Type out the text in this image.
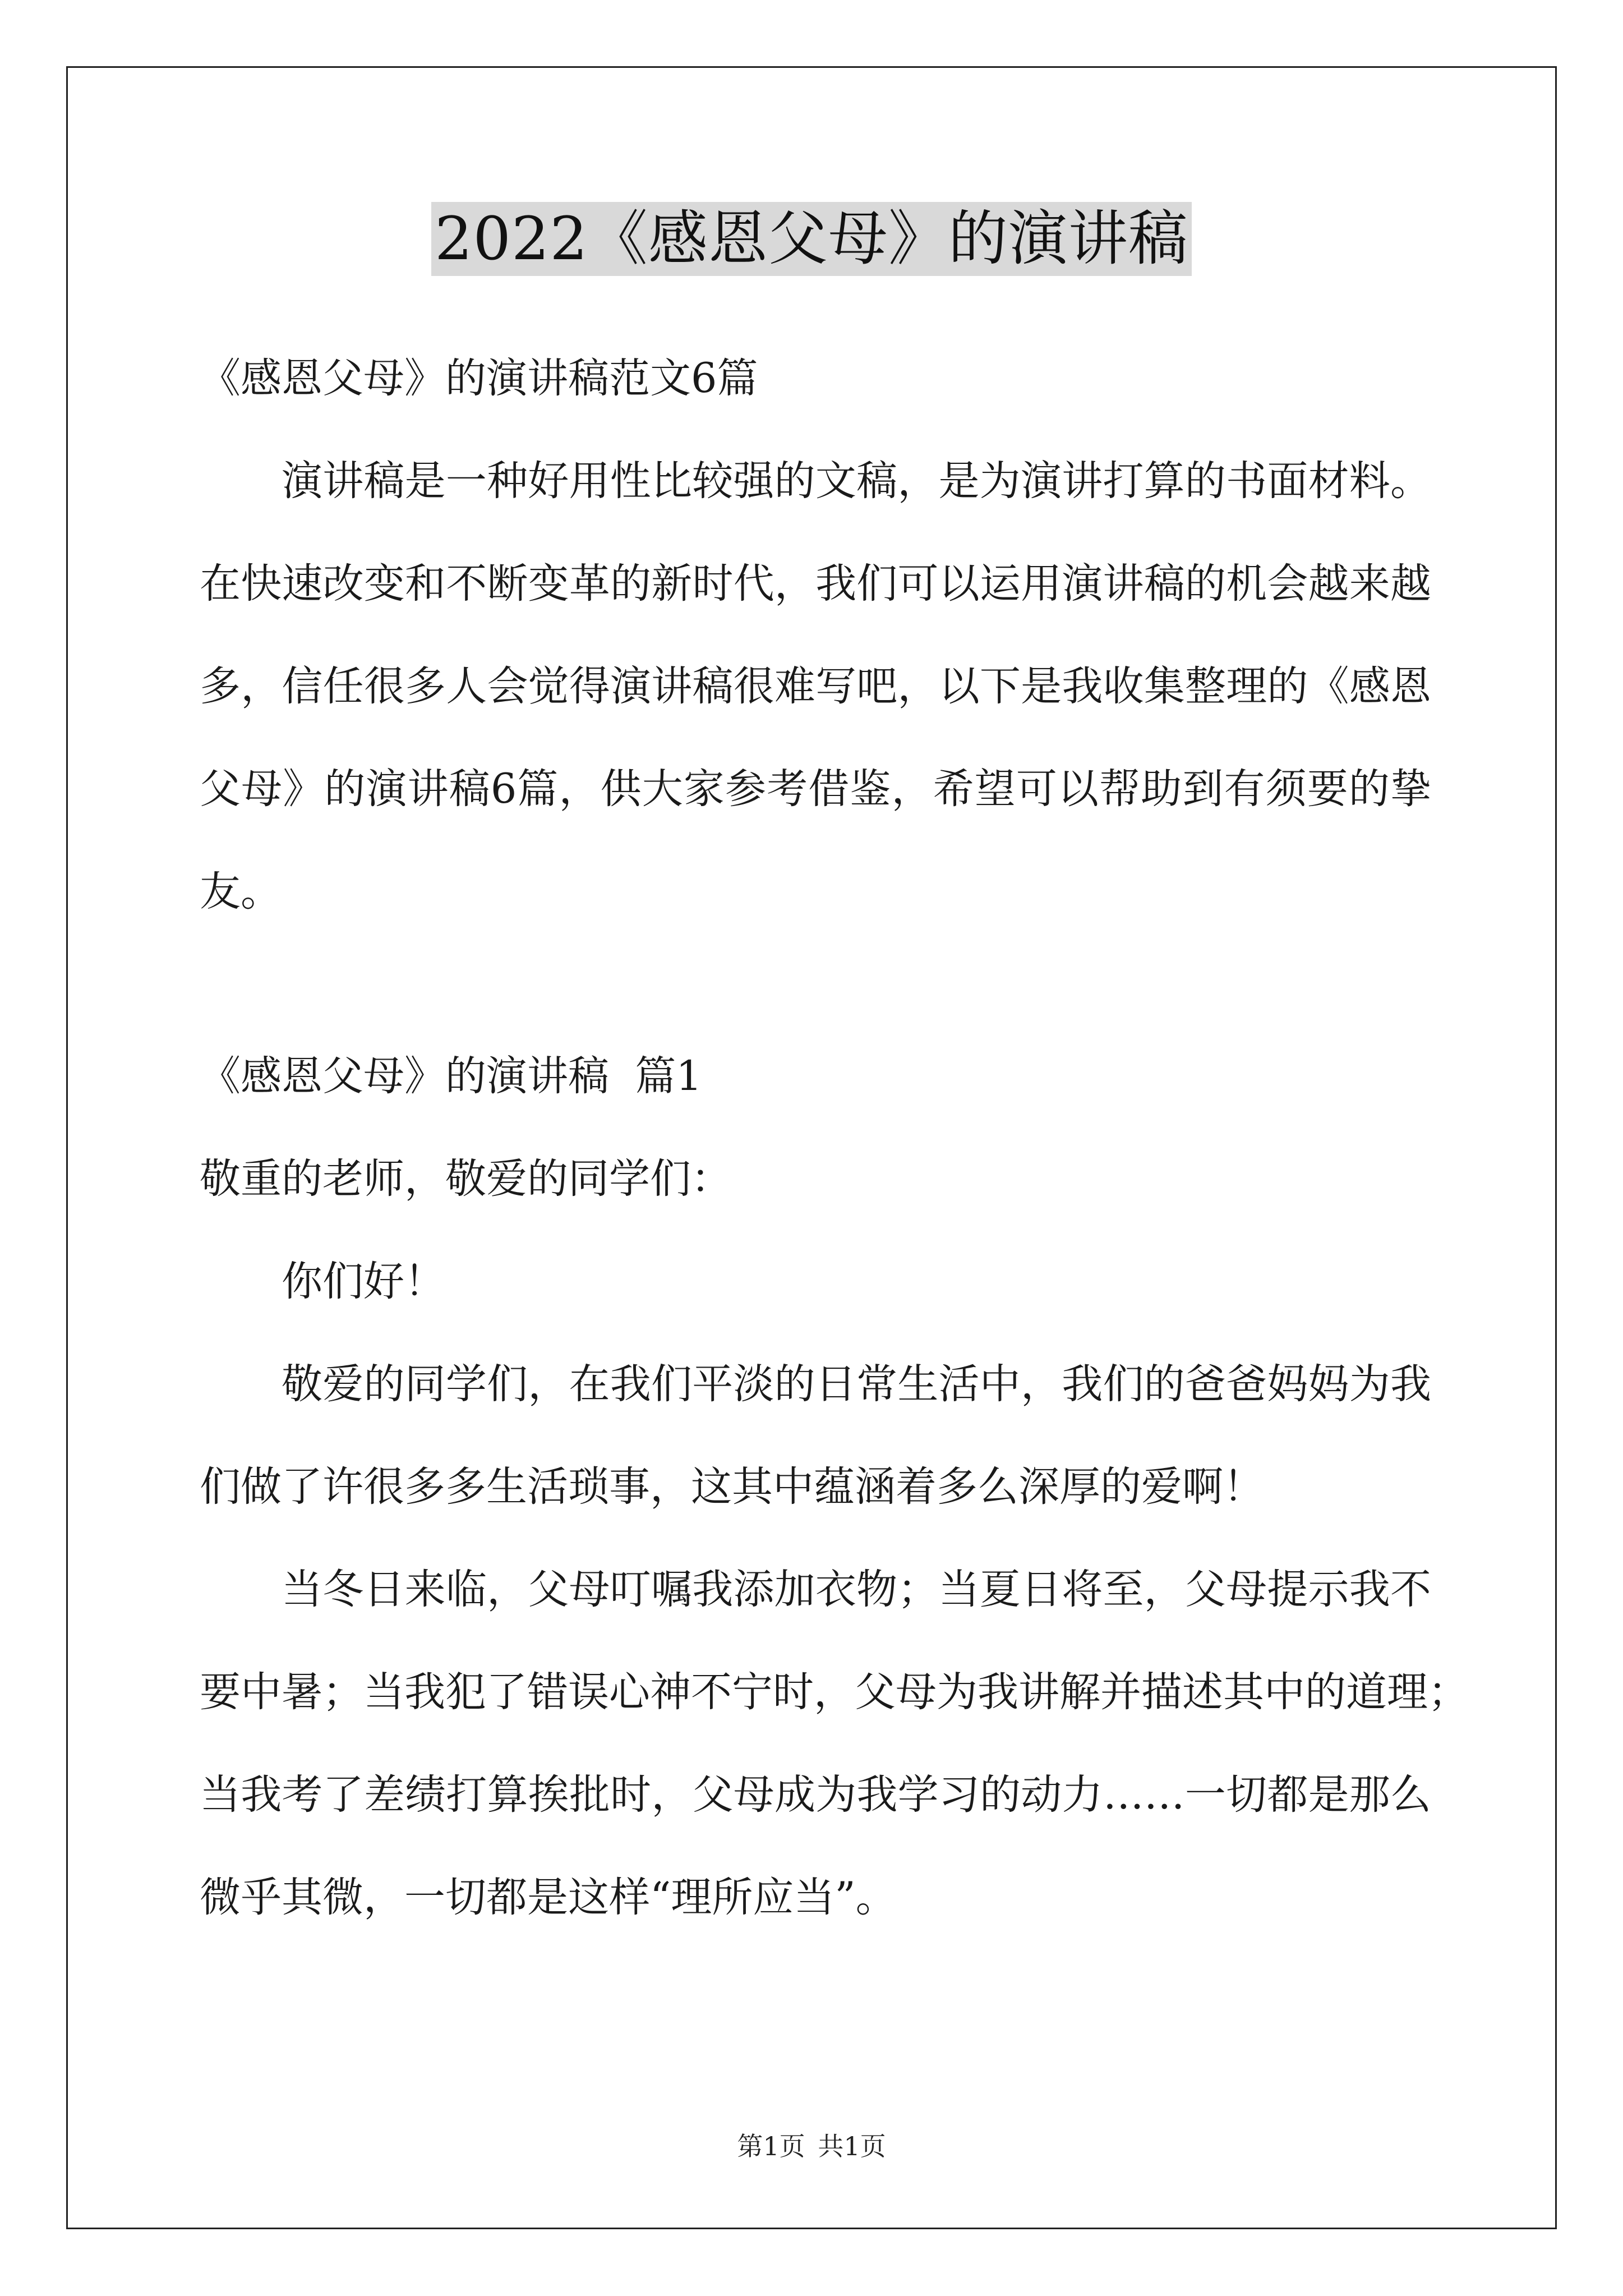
2022《感恩父母》的演讲稿
《感恩父母》的演讲稿范文6篇
演讲稿是一种好用性比较强的文稿，是为演讲打算的书面材料。
在快速改变和不断变革的新时代，我们可以运用演讲稿的机会越来越
多，信任很多人会觉得演讲稿很难写吧，以下是我收集整理的《感恩
父母》的演讲稿6篇，供大家参考借鉴，希望可以帮助到有须要的挚
友。
《感恩父母》的演讲稿  篇1
敬重的老师，敬爱的同学们：
你们好！
敬爱的同学们，在我们平淡的日常生活中，我们的爸爸妈妈为我
们做了许很多多生活琐事，这其中蕴涵着多么深厚的爱啊！
当冬日来临，父母叮嘱我添加衣物；当夏日将至，父母提示我不
要中暑；当我犯了错误心神不宁时，父母为我讲解并描述其中的道理；
当我考了差绩打算挨批时，父母成为我学习的动力……一切都是那么
微乎其微，一切都是这样“理所应当”。
第1页 共1页
